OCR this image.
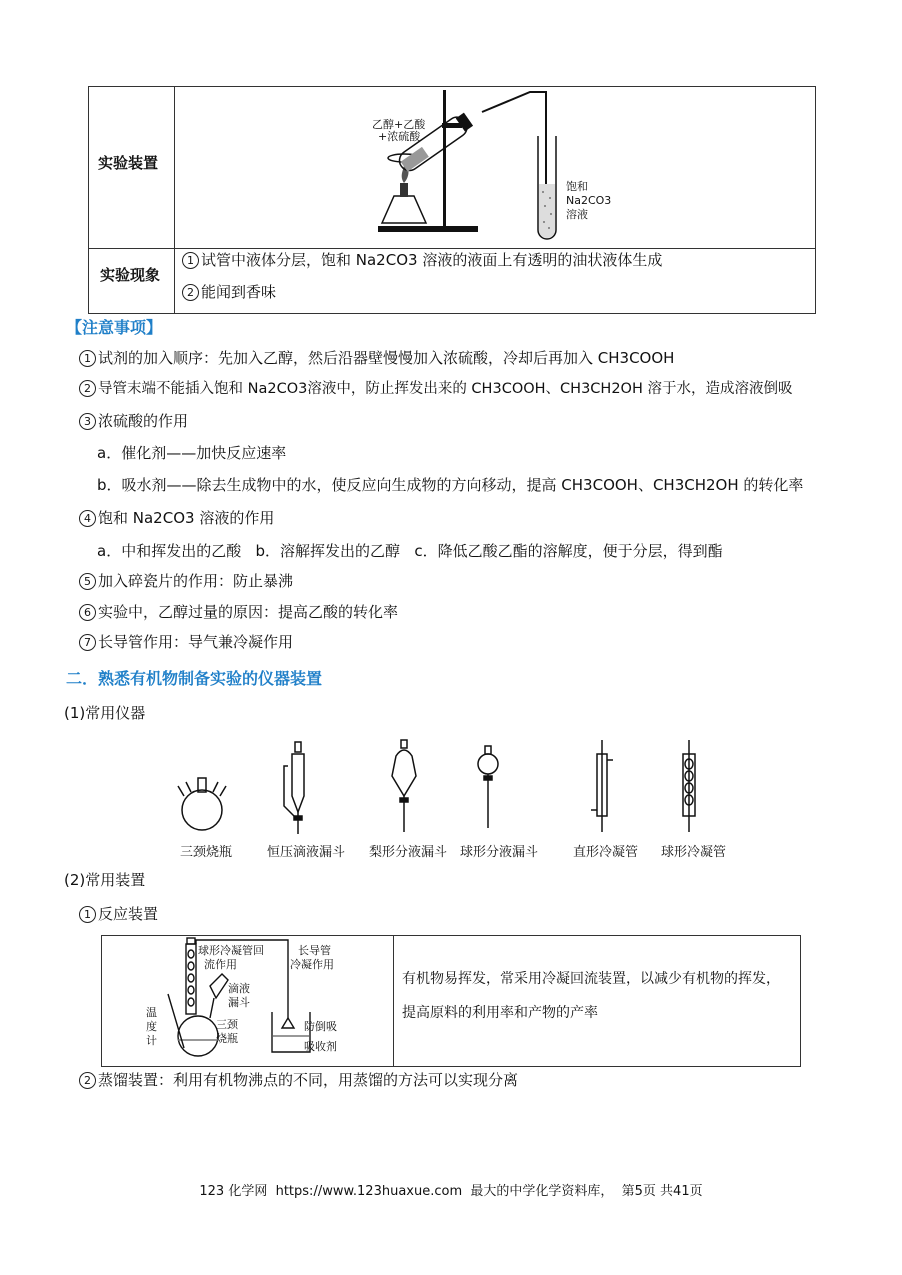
实验装置
实验现象
乙醇+乙酸
+浓硫酸
饱和
Na2CO3
溶液
1 试管中液体分层，饱和 Na2CO3 溶液的液面上有透明的油状液体生成
2 能闻到香味
【注意事项】
1 试剂的加入顺序：先加入乙醇，然后沿器壁慢慢加入浓硫酸，冷却后再加入 CH3COOH
2 导管末端不能插入饱和 Na2CO3溶液中，防止挥发出来的 CH3COOH、CH3CH2OH 溶于水，造成溶液倒吸
3 浓硫酸的作用
a．催化剂——加快反应速率
b．吸水剂——除去生成物中的水，使反应向生成物的方向移动，提高 CH3COOH、CH3CH2OH 的转化率
4 饱和 Na2CO3 溶液的作用
a．中和挥发出的乙酸   b．溶解挥发出的乙醇   c．降低乙酸乙酯的溶解度，便于分层，得到酯
5 加入碎瓷片的作用：防止暴沸
6 实验中，乙醇过量的原因：提高乙酸的转化率
7 长导管作用：导气兼冷凝作用
二．熟悉有机物制备实验的仪器装置
(1)常用仪器
三颈烧瓶	恒压滴液漏斗 梨形分液漏斗 球形分液漏斗	直形冷凝管 球形冷凝管
(2)常用装置
1 反应装置
球形冷凝管回
流作用
长导管
冷凝作用
滴液
漏斗
三颈
烧瓶
温
度
计
防倒吸
吸收剂
有机物易挥发，常采用冷凝回流装置，以减少有机物的挥发，提高原料的利用率和产物的产率
2 蒸馏装置：利用有机物沸点的不同，用蒸馏的方法可以实现分离
123 化学网  https://www.123huaxue.com  最大的中学化学资料库，  第5页 共41页
